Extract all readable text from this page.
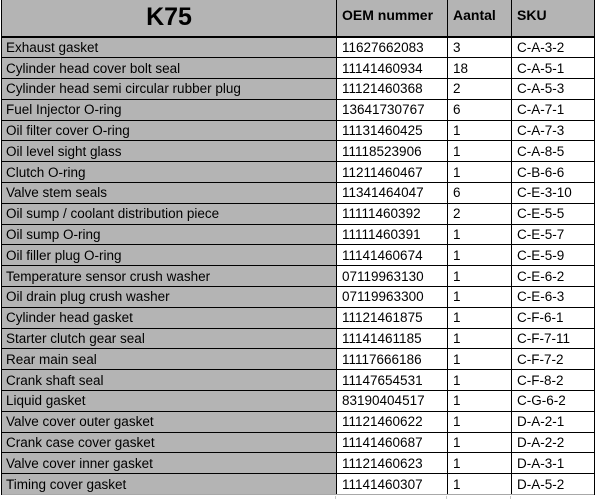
K75	OEM nummer	Aantal	SKU
Exhaust gasket	11627662083	3	C-A-3-2
Cylinder head cover bolt seal	11141460934	18	C-A-5-1
Cylinder head semi circular rubber plug	11121460368	2	C-A-5-3
Fuel Injector O-ring	13641730767	6	C-A-7-1
Oil filter cover O-ring	11131460425	1	C-A-7-3
Oil level sight glass	11118523906	1	C-A-8-5
Clutch O-ring	11211460467	1	C-B-6-6
Valve stem seals	11341464047	6	C-E-3-10
Oil sump / coolant distribution piece	11111460392	2	C-E-5-5
Oil sump O-ring	11111460391	1	C-E-5-7
Oil filler plug O-ring	11141460674	1	C-E-5-9
Temperature sensor crush washer	07119963130	1	C-E-6-2
Oil drain plug crush washer	07119963300	1	C-E-6-3
Cylinder head gasket	11121461875	1	C-F-6-1
Starter clutch gear seal	11141461185	1	C-F-7-11
Rear main seal	11117666186	1	C-F-7-2
Crank shaft seal	11147654531	1	C-F-8-2
Liquid gasket	83190404517	1	C-G-6-2
Valve cover outer gasket	11121460622	1	D-A-2-1
Crank case cover gasket	11141460687	1	D-A-2-2
Valve cover inner gasket	11121460623	1	D-A-3-1
Timing cover gasket	11141460307	1	D-A-5-2
